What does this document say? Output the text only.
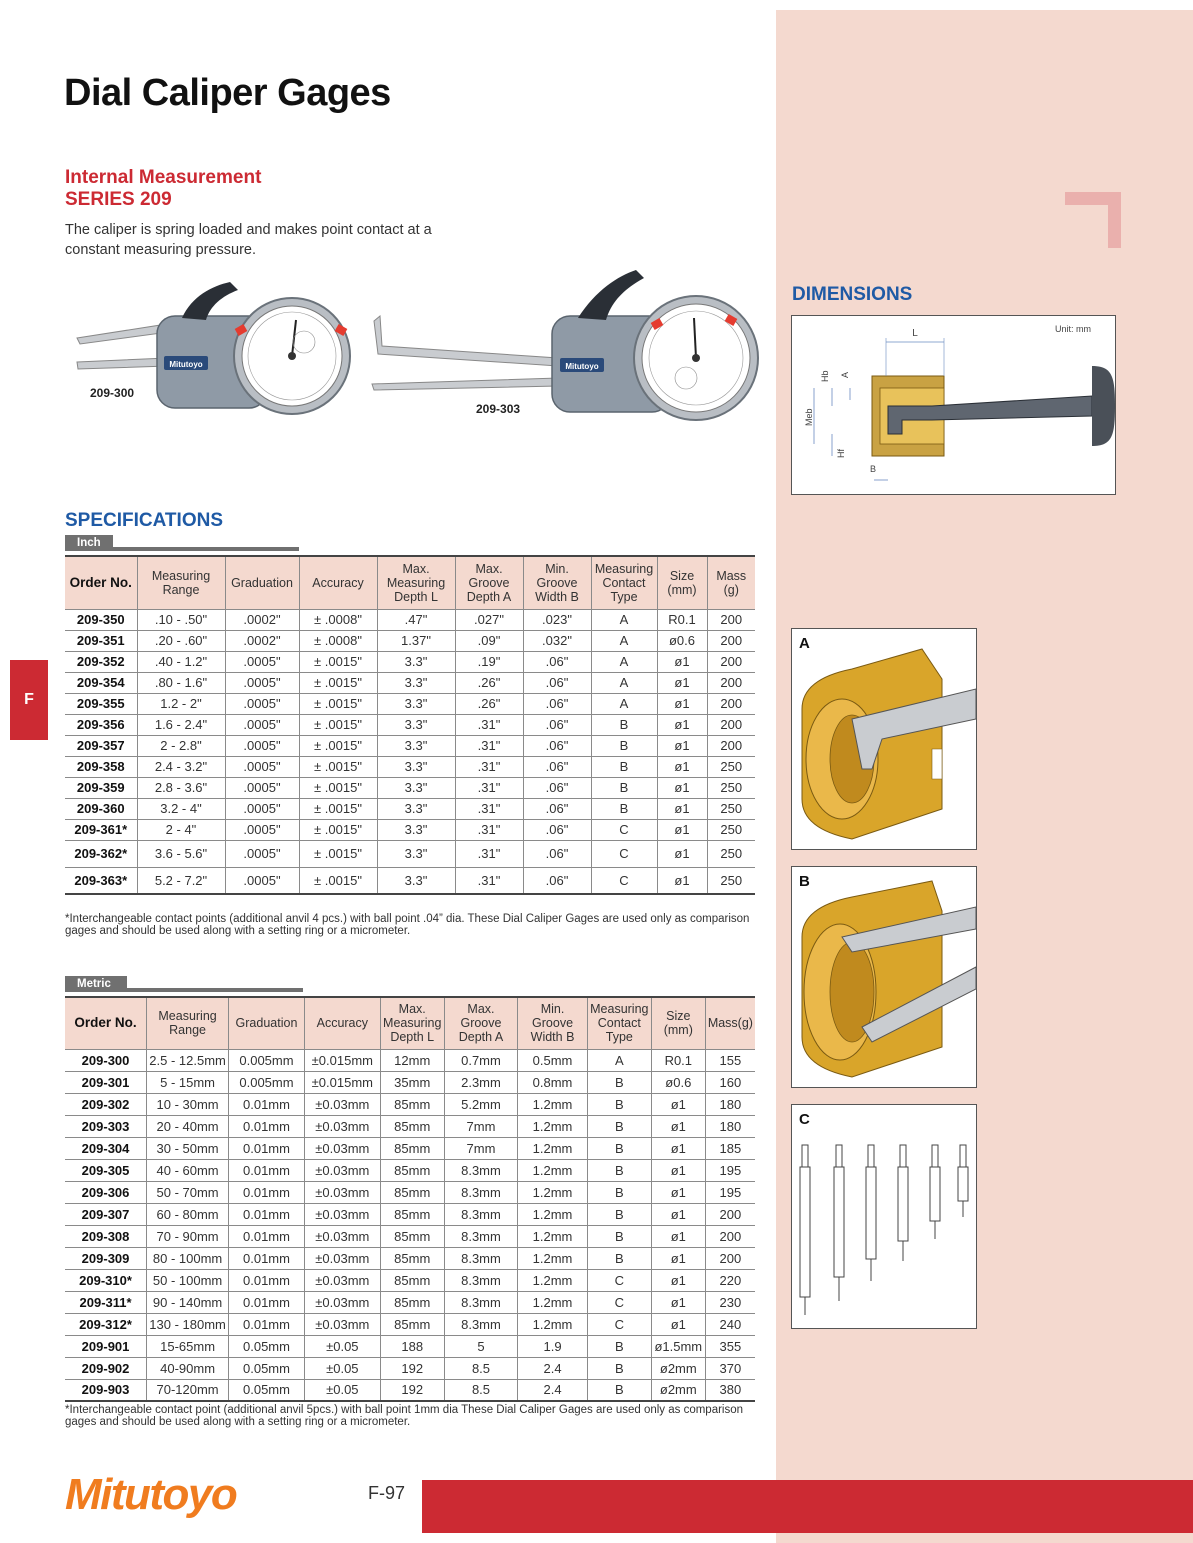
Dial Caliper Gages
Internal Measurement
SERIES 209

The caliper is spring loaded and makes point contact at a constant measuring pressure.

Mitutoyo
209-300
Mitutoyo
209-303
DIMENSIONS
Unit: mm
L
Hb A
Meb
Hf
B
A
B
C
SPECIFICATIONS
Inch
Order No.	Measuring Range	Graduation	Accuracy	Max. Measuring Depth L	Max. Groove Depth A	Min. Groove Width B	Measuring Contact Type	Size (mm)	Mass (g)
209-350	.10 - .50"	.0002"	± .0008"	.47"	.027"	.023"	A	R0.1	200
209-351	.20 - .60"	.0002"	± .0008"	1.37"	.09"	.032"	A	ø0.6	200
209-352	.40 - 1.2"	.0005"	± .0015"	3.3"	.19"	.06"	A	ø1	200
209-354	.80 - 1.6"	.0005"	± .0015"	3.3"	.26"	.06"	A	ø1	200
209-355	1.2 - 2"	.0005"	± .0015"	3.3"	.26"	.06"	A	ø1	200
209-356	1.6 - 2.4"	.0005"	± .0015"	3.3"	.31"	.06"	B	ø1	200
209-357	2 - 2.8"	.0005"	± .0015"	3.3"	.31"	.06"	B	ø1	200
209-358	2.4 - 3.2"	.0005"	± .0015"	3.3"	.31"	.06"	B	ø1	250
209-359	2.8 - 3.6"	.0005"	± .0015"	3.3"	.31"	.06"	B	ø1	250
209-360	3.2 - 4"	.0005"	± .0015"	3.3"	.31"	.06"	B	ø1	250
209-361*	2 - 4"	.0005"	± .0015"	3.3"	.31"	.06"	C	ø1	250
209-362*	3.6 - 5.6"	.0005"	± .0015"	3.3"	.31"	.06"	C	ø1	250
209-363*	5.2 - 7.2"	.0005"	± .0015"	3.3"	.31"	.06"	C	ø1	250
*Interchangeable contact points (additional anvil 4 pcs.) with ball point .04” dia. These Dial Caliper Gages are used only as comparison gages and should be used along with a setting ring or a micrometer.
Metric
Order No.	Measuring Range	Graduation	Accuracy	Max. Measuring Depth L	Max. Groove Depth A	Min. Groove Width B	Measuring Contact Type	Size (mm)	Mass(g)
209-300	2.5 - 12.5mm	0.005mm	±0.015mm	12mm	0.7mm	0.5mm	A	R0.1	155
209-301	5 - 15mm	0.005mm	±0.015mm	35mm	2.3mm	0.8mm	B	ø0.6	160
209-302	10 - 30mm	0.01mm	±0.03mm	85mm	5.2mm	1.2mm	B	ø1	180
209-303	20 - 40mm	0.01mm	±0.03mm	85mm	7mm	1.2mm	B	ø1	180
209-304	30 - 50mm	0.01mm	±0.03mm	85mm	7mm	1.2mm	B	ø1	185
209-305	40 - 60mm	0.01mm	±0.03mm	85mm	8.3mm	1.2mm	B	ø1	195
209-306	50 - 70mm	0.01mm	±0.03mm	85mm	8.3mm	1.2mm	B	ø1	195
209-307	60 - 80mm	0.01mm	±0.03mm	85mm	8.3mm	1.2mm	B	ø1	200
209-308	70 - 90mm	0.01mm	±0.03mm	85mm	8.3mm	1.2mm	B	ø1	200
209-309	80 - 100mm	0.01mm	±0.03mm	85mm	8.3mm	1.2mm	B	ø1	200
209-310*	50 - 100mm	0.01mm	±0.03mm	85mm	8.3mm	1.2mm	C	ø1	220
209-311*	90 - 140mm	0.01mm	±0.03mm	85mm	8.3mm	1.2mm	C	ø1	230
209-312*	130 - 180mm	0.01mm	±0.03mm	85mm	8.3mm	1.2mm	C	ø1	240
209-901	15-65mm	0.05mm	±0.05	188	5	1.9	B	ø1.5mm	355
209-902	40-90mm	0.05mm	±0.05	192	8.5	2.4	B	ø2mm	370
209-903	70-120mm	0.05mm	±0.05	192	8.5	2.4	B	ø2mm	380
*Interchangeable contact point (additional anvil 5pcs.) with ball point 1mm dia These Dial Caliper Gages are used only as comparison gages and should be used along with a setting ring or a micrometer.
F
Mitutoyo	F-97
